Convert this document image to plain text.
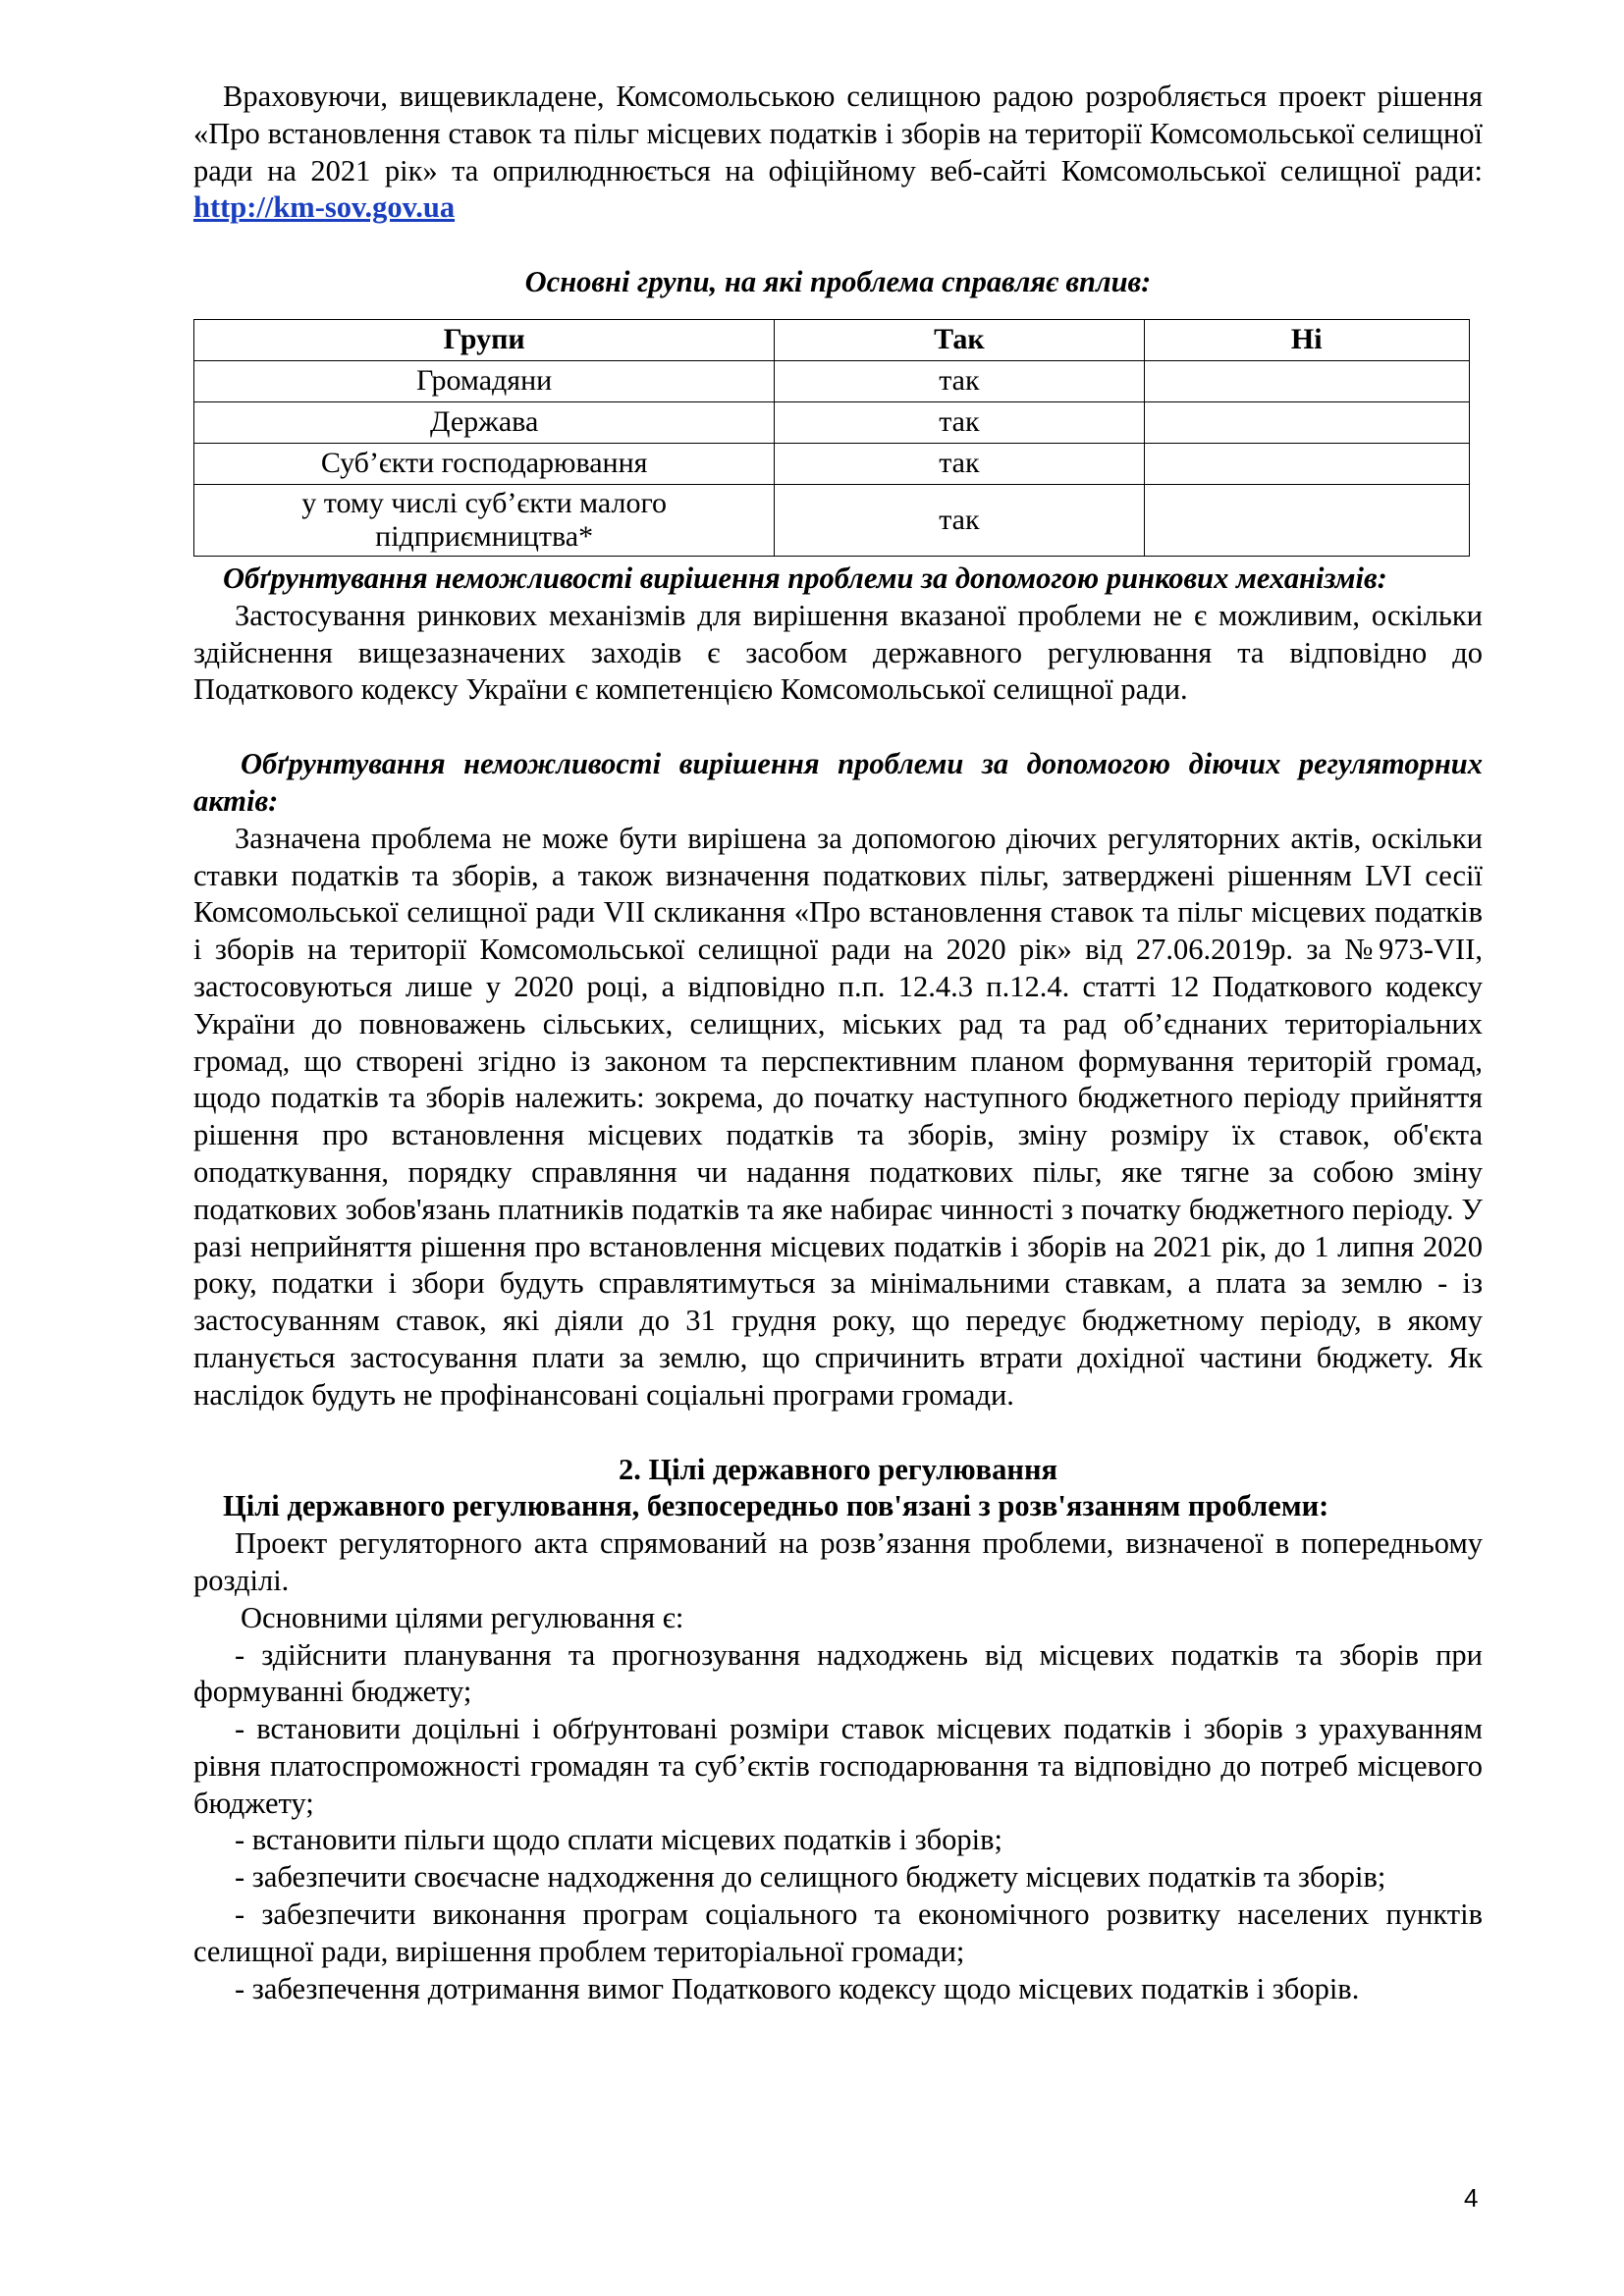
Враховуючи, вищевикладене, Комсомольською селищною радою розробляється проект рішення «Про встановлення ставок та пільг місцевих податків і зборів на території Комсомольської селищної ради на 2021 рік» та оприлюднюється на офіційному веб-сайті Комсомольської селищної ради: http://km-sov.gov.ua

Основні групи, на які проблема справляє вплив:

Групи	Так	Ні
Громадяни	так	
Держава	так	
Суб’єкти господарювання	так	
у тому числі суб’єкти малого підприємництва*	так	

Обґрунтування неможливості вирішення проблеми за допомогою ринкових механізмів:

Застосування ринкових механізмів для вирішення вказаної проблеми не є можливим, оскільки здійснення вищезазначених заходів є засобом державного регулювання та відповідно до Податкового кодексу України є компетенцією Комсомольської селищної ради.

Обґрунтування неможливості вирішення проблеми за допомогою діючих регуляторних актів:

Зазначена проблема не може бути вирішена за допомогою діючих регуляторних актів, оскільки ставки податків та зборів, а також визначення податкових пільг, затверджені рішенням LVI сесії Комсомольської селищної ради VII скликання «Про встановлення ставок та пільг місцевих податків і зборів на території Комсомольської селищної ради на 2020 рік» від 27.06.2019р. за №973-VII, застосовуються лише у 2020 році, а відповідно п.п. 12.4.3 п.12.4. статті 12 Податкового кодексу України до повноважень сільських, селищних, міських рад та рад об’єднаних територіальних громад, що створені згідно із законом та перспективним планом формування територій громад, щодо податків та зборів належить: зокрема, до початку наступного бюджетного періоду прийняття рішення про встановлення місцевих податків та зборів, зміну розміру їх ставок, об'єкта оподаткування, порядку справляння чи надання податкових пільг, яке тягне за собою зміну податкових зобов'язань платників податків та яке набирає чинності з початку бюджетного періоду. У разі неприйняття рішення про встановлення місцевих податків і зборів на 2021 рік, до 1 липня 2020 року, податки і збори будуть справлятимуться за мінімальними ставкам, а плата за землю - із застосуванням ставок, які діяли до 31 грудня року, що передує бюджетному періоду, в якому планується застосування плати за землю, що спричинить втрати дохідної частини бюджету. Як наслідок будуть не профінансовані соціальні програми громади.

2. Цілі державного регулювання

Цілі державного регулювання, безпосередньо пов'язані з розв'язанням проблеми:

Проект регуляторного акта спрямований на розв’язання проблеми, визначеної в попередньому розділі.

Основними цілями регулювання є:

- здійснити планування та прогнозування надходжень від місцевих податків та зборів при формуванні бюджету;

- встановити доцільні і обґрунтовані розміри ставок місцевих податків і зборів з урахуванням рівня платоспроможності громадян та суб’єктів господарювання та відповідно до потреб місцевого бюджету;

- встановити пільги щодо сплати місцевих податків і зборів;

- забезпечити своєчасне надходження до селищного бюджету місцевих податків та зборів;

- забезпечити виконання програм соціального та економічного розвитку населених пунктів селищної ради, вирішення проблем територіальної громади;

- забезпечення дотримання вимог Податкового кодексу щодо місцевих податків і зборів.

4
